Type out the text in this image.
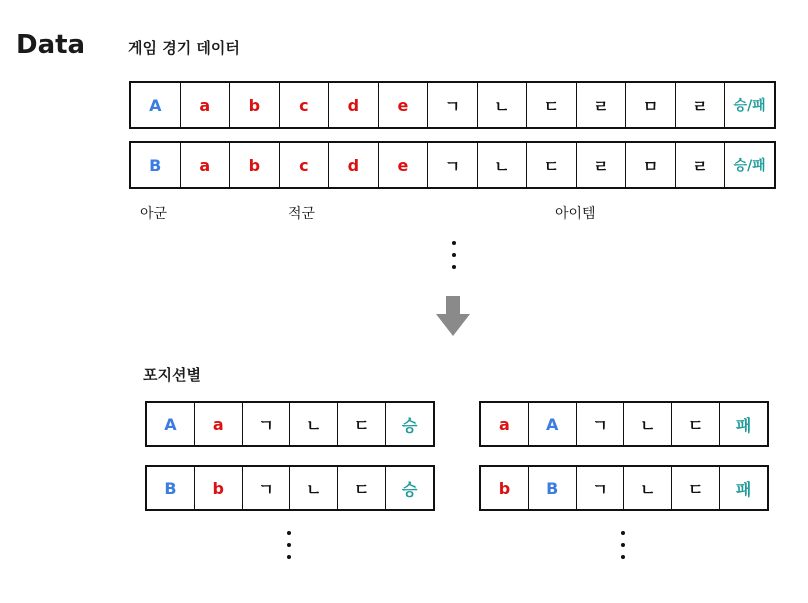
Data	게임 경기 데이터
A	a	b	c	d	e	ㄱ	ㄴ	ㄷ	ㄹ	ㅁ	ㄹ	승/패
B	a	b	c	d	e	ㄱ	ㄴ	ㄷ	ㄹ	ㅁ	ㄹ	승/패
아군	적군	아이템
포지션별
A	a	ㄱ	ㄴ	ㄷ	승
B	b	ㄱ	ㄴ	ㄷ	승
a	A	ㄱ	ㄴ	ㄷ	패
b	B	ㄱ	ㄴ	ㄷ	패
